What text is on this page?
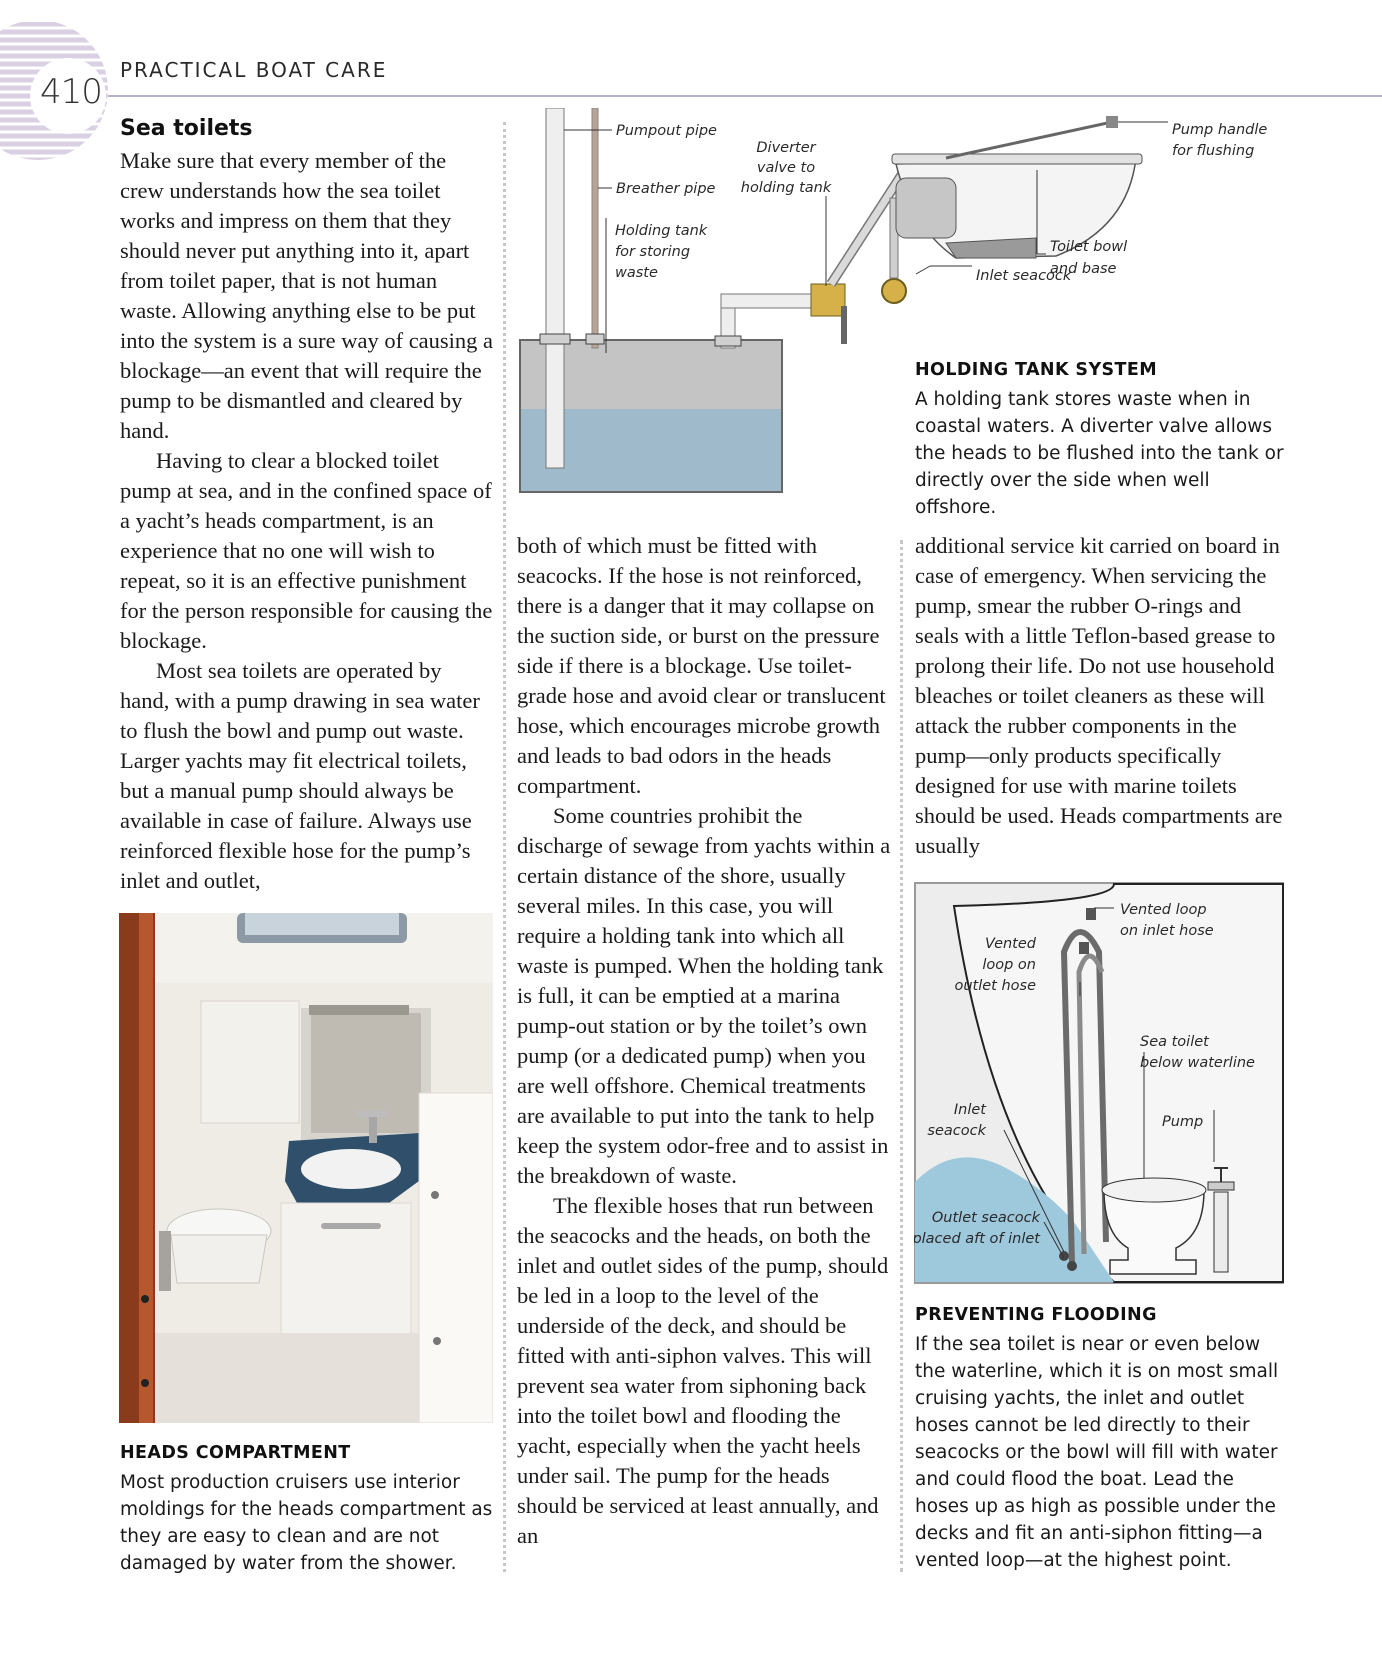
410
PRACTICAL BOAT CARE
Sea toilets

Make sure that every member of the crew understands how the sea toilet works and impress on them that they should never put anything into it, apart from toilet paper, that is not human waste. Allowing anything else to be put into the system is a sure way of causing a blockage—an event that will require the pump to be dismantled and cleared by hand.

Having to clear a blocked toilet pump at sea, and in the confined space of a yacht’s heads compartment, is an experience that no one will wish to repeat, so it is an effective punishment for the person responsible for causing the blockage.

Most sea toilets are operated by hand, with a pump drawing in sea water to flush the bowl and pump out waste. Larger yachts may fit electrical toilets, but a manual pump should always be available in case of failure. Always use reinforced flexible hose for the pump’s inlet and outlet,

HEADS COMPARTMENT
Most production cruisers use interior moldings for the heads compartment as they are easy to clean and are not damaged by water from the shower.
Pumpout pipe
Breather pipe
Holding tank
for storing
waste
Diverter
valve to
holding tank
Pump handle
for flushing
Toilet bowl
and base
Inlet seacock
HOLDING TANK SYSTEM
A holding tank stores waste when in coastal waters. A diverter valve allows the heads to be flushed into the tank or directly over the side when well offshore.

both of which must be fitted with seacocks. If the hose is not reinforced, there is a danger that it may collapse on the suction side, or burst on the pressure side if there is a blockage. Use toilet-grade hose and avoid clear or translucent hose, which encourages microbe growth and leads to bad odors in the heads compartment.

Some countries prohibit the discharge of sewage from yachts within a certain distance of the shore, usually several miles. In this case, you will require a holding tank into which all waste is pumped. When the holding tank is full, it can be emptied at a marina pump-out station or by the toilet’s own pump (or a dedicated pump) when you are well offshore. Chemical treatments are available to put into the tank to help keep the system odor-free and to assist in the breakdown of waste.

The flexible hoses that run between the seacocks and the heads, on both the inlet and outlet sides of the pump, should be led in a loop to the level of the underside of the deck, and should be fitted with anti-siphon valves. This will prevent sea water from siphoning back into the toilet bowl and flooding the yacht, especially when the yacht heels under sail. The pump for the heads should be serviced at least annually, and an

additional service kit carried on board in case of emergency. When servicing the pump, smear the rubber O-rings and seals with a little Teflon-based grease to prolong their life. Do not use household bleaches or toilet cleaners as these will attack the rubber components in the pump—only products specifically designed for use with marine toilets should be used. Heads compartments are usually

Vented loop
on inlet hose
Vented
loop on
outlet hose
Sea toilet
below waterline
Inlet
seacock
Pump
Outlet seacock
placed aft of inlet
PREVENTING FLOODING
If the sea toilet is near or even below the waterline, which it is on most small cruising yachts, the inlet and outlet hoses cannot be led directly to their seacocks or the bowl will fill with water and could flood the boat. Lead the hoses up as high as possible under the decks and fit an anti-siphon fitting—a vented loop—at the highest point.
